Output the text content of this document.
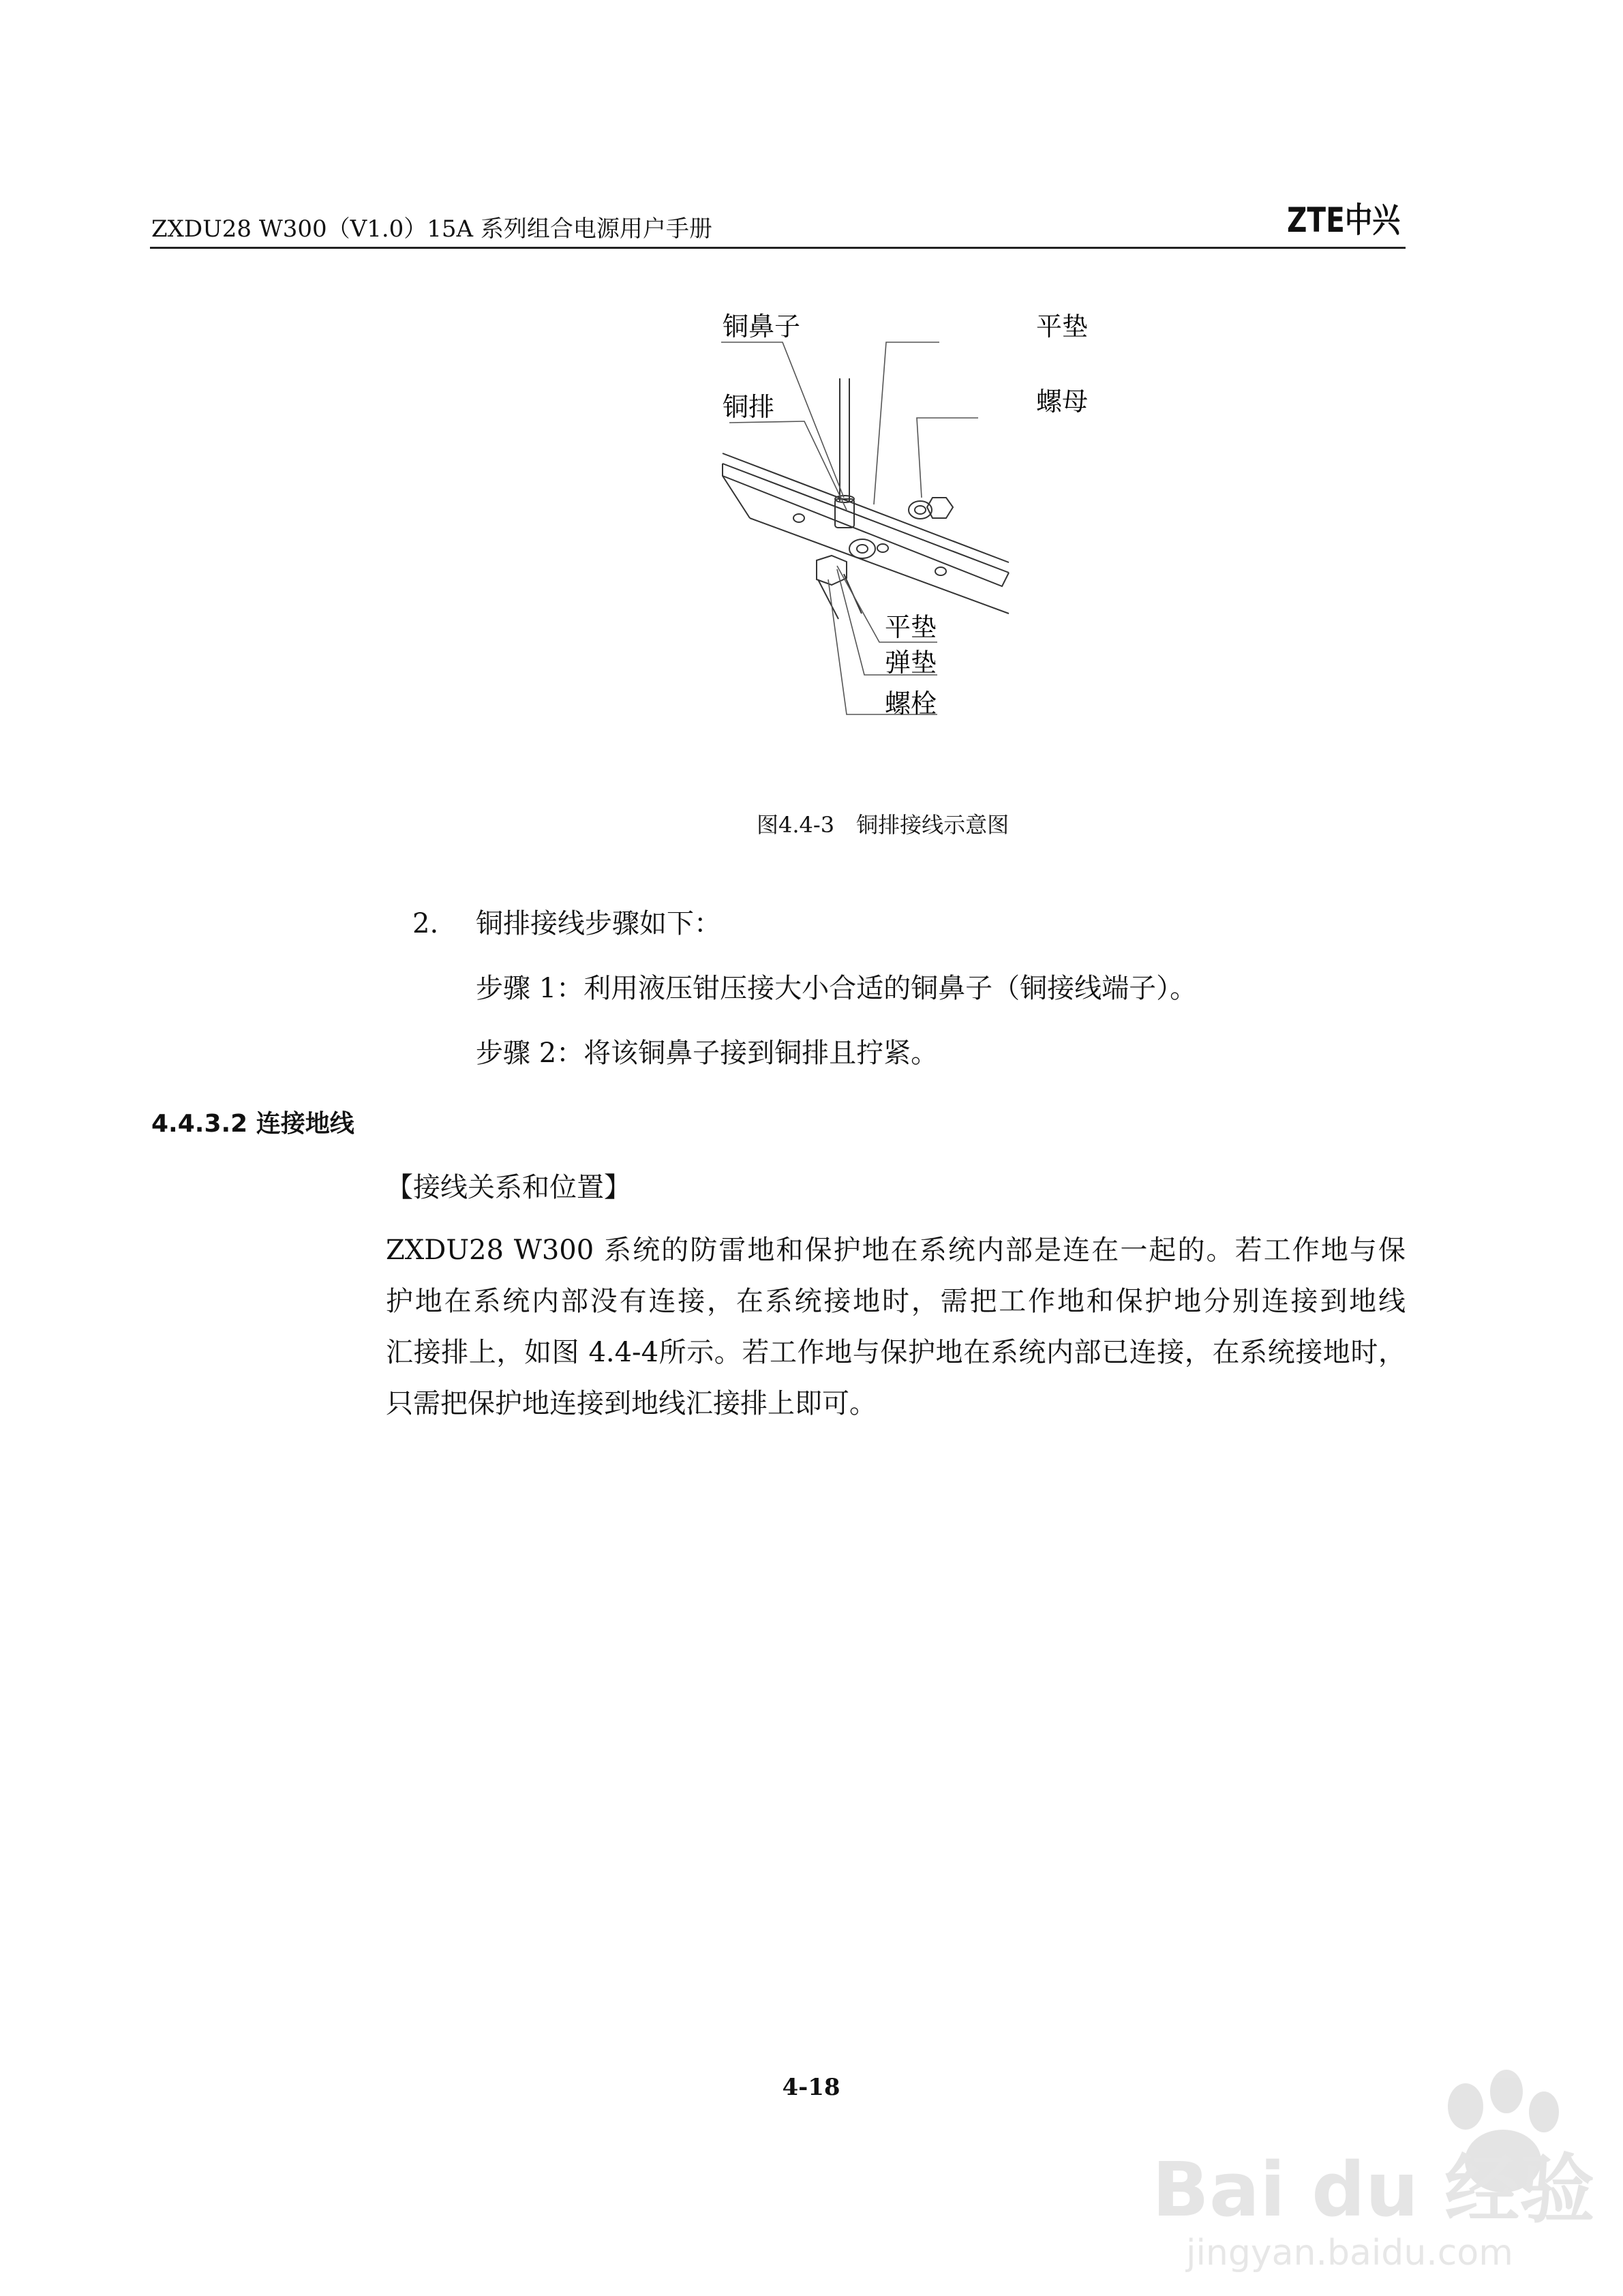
ZXDU28 W300（V1.0）15A 系列组合电源用户手册	ZTE中兴
铜鼻子	平垫
铜排	螺母
平垫
弹垫
螺栓
图4.4-3　铜排接线示意图
2. 铜排接线步骤如下：
步骤 1：利用液压钳压接大小合适的铜鼻子（铜接线端子）。
步骤 2：将该铜鼻子接到铜排且拧紧。
4.4.3.2 连接地线
【接线关系和位置】
ZXDU28 W300 系统的防雷地和保护地在系统内部是连在一起的。若工作地与保
护地在系统内部没有连接，在系统接地时，需把工作地和保护地分别连接到地线
汇接排上，如图 4.4-4所示。若工作地与保护地在系统内部已连接，在系统接地时，
只需把保护地连接到地线汇接排上即可。
4-18
Bai du 经验
jingyan.baidu.com
